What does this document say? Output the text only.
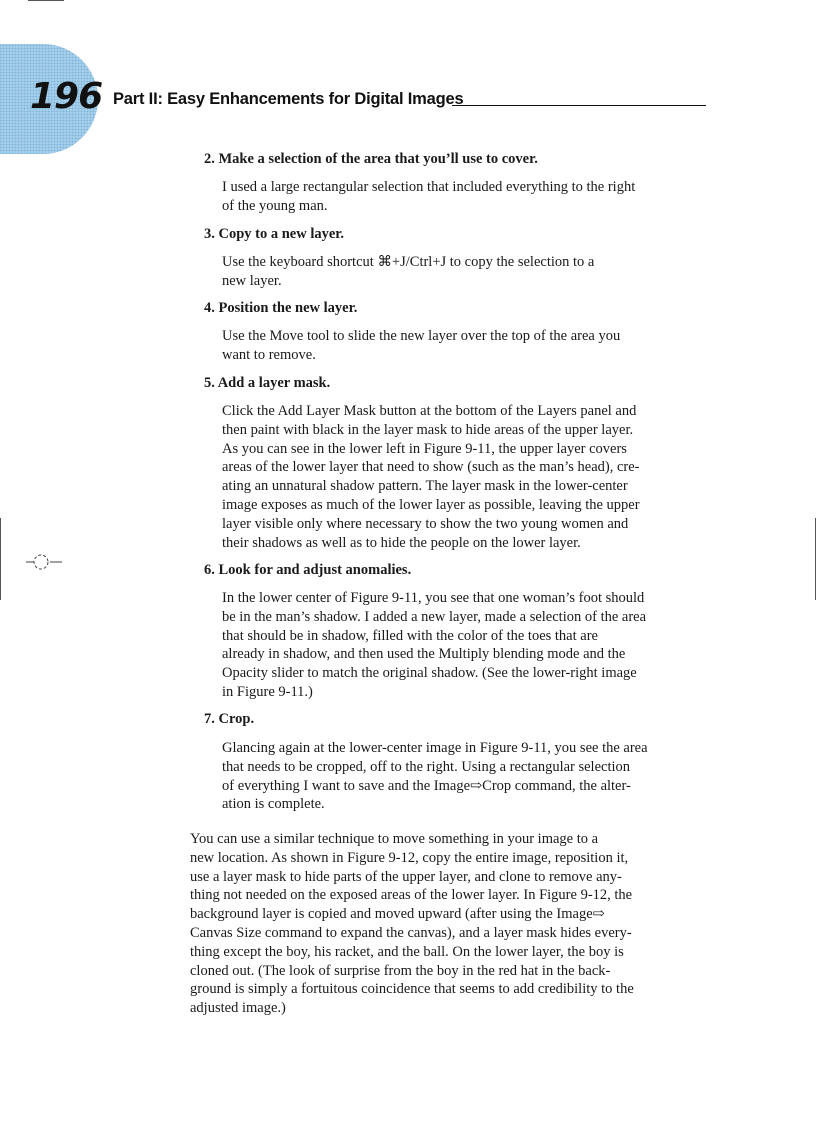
196 Part II: Easy Enhancements for Digital Images
2. Make a selection of the area that you’ll use to cover.
I used a large rectangular selection that included everything to the right
of the young man.
3. Copy to a new layer.
Use the keyboard shortcut ⌘+J/Ctrl+J to copy the selection to a
new layer.
4. Position the new layer.
Use the Move tool to slide the new layer over the top of the area you
want to remove.
5. Add a layer mask.
Click the Add Layer Mask button at the bottom of the Layers panel and
then paint with black in the layer mask to hide areas of the upper layer.
As you can see in the lower left in Figure 9-11, the upper layer covers
areas of the lower layer that need to show (such as the man’s head), cre-
ating an unnatural shadow pattern. The layer mask in the lower-center
image exposes as much of the lower layer as possible, leaving the upper
layer visible only where necessary to show the two young women and
their shadows as well as to hide the people on the lower layer.
6. Look for and adjust anomalies.
In the lower center of Figure 9-11, you see that one woman’s foot should
be in the man’s shadow. I added a new layer, made a selection of the area
that should be in shadow, filled with the color of the toes that are
already in shadow, and then used the Multiply blending mode and the
Opacity slider to match the original shadow. (See the lower-right image
in Figure 9-11.)
7. Crop.
Glancing again at the lower-center image in Figure 9-11, you see the area
that needs to be cropped, off to the right. Using a rectangular selection
of everything I want to save and the Image⇨Crop command, the alter-
ation is complete.
You can use a similar technique to move something in your image to a
new location. As shown in Figure 9-12, copy the entire image, reposition it,
use a layer mask to hide parts of the upper layer, and clone to remove any-
thing not needed on the exposed areas of the lower layer. In Figure 9-12, the
background layer is copied and moved upward (after using the Image⇨
Canvas Size command to expand the canvas), and a layer mask hides every-
thing except the boy, his racket, and the ball. On the lower layer, the boy is
cloned out. (The look of surprise from the boy in the red hat in the back-
ground is simply a fortuitous coincidence that seems to add credibility to the
adjusted image.)
